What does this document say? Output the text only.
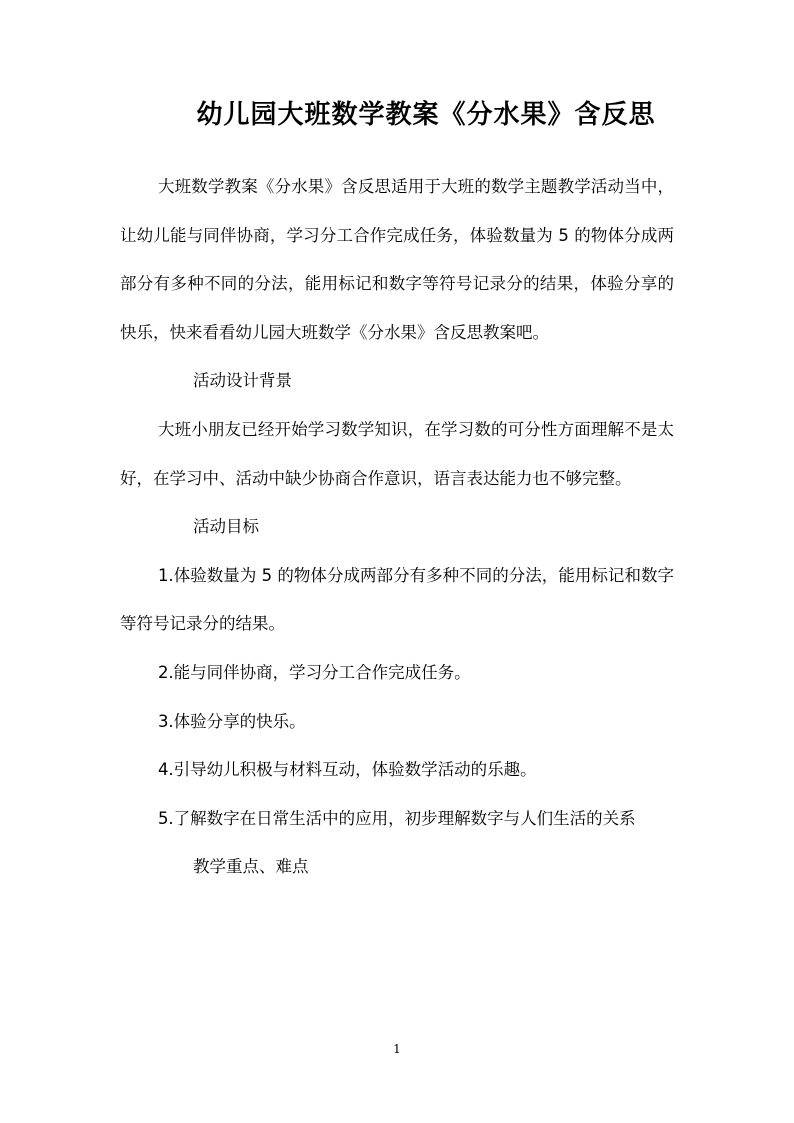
幼儿园大班数学教案《分水果》含反思

大班数学教案《分水果》含反思适用于大班的数学主题教学活动当中，让幼儿能与同伴协商，学习分工合作完成任务，体验数量为 5 的物体分成两部分有多种不同的分法，能用标记和数字等符号记录分的结果，体验分享的快乐，快来看看幼儿园大班数学《分水果》含反思教案吧。

活动设计背景

大班小朋友已经开始学习数学知识，在学习数的可分性方面理解不是太好，在学习中、活动中缺少协商合作意识，语言表达能力也不够完整。

活动目标

1.体验数量为 5 的物体分成两部分有多种不同的分法，能用标记和数字等符号记录分的结果。

2.能与同伴协商，学习分工合作完成任务。

3.体验分享的快乐。

4.引导幼儿积极与材料互动，体验数学活动的乐趣。

5.了解数字在日常生活中的应用，初步理解数字与人们生活的关系

教学重点、难点

1
